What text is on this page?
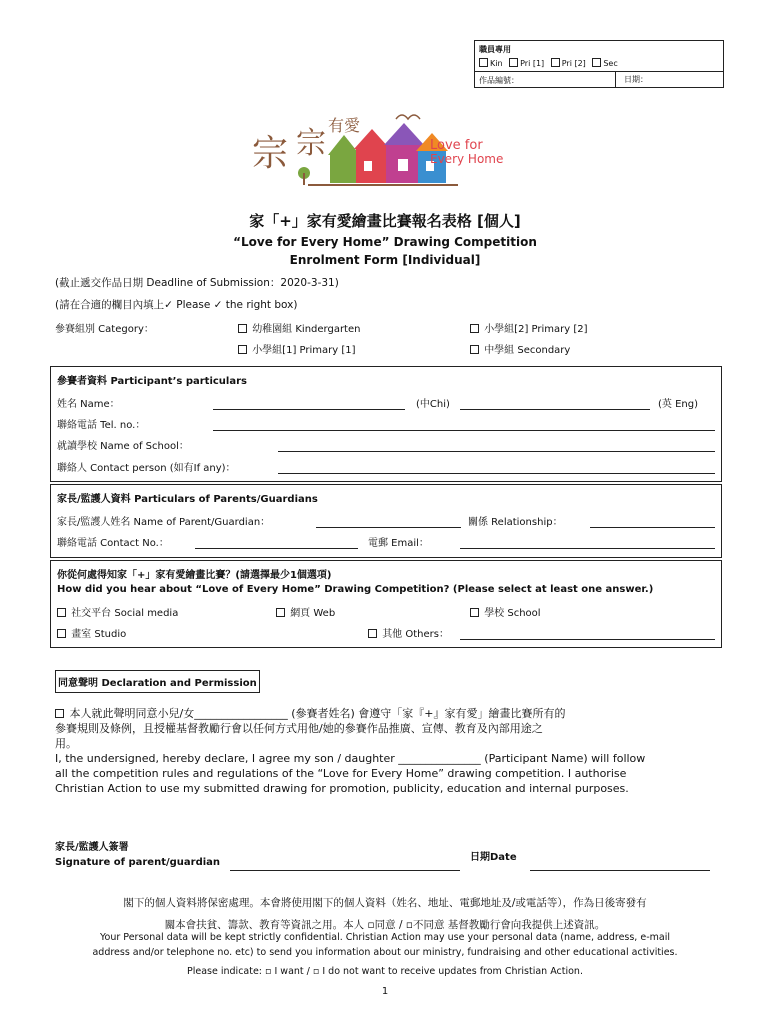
職員專用
Kin Pri [1] Pri [2] Sec
作品編號：	日期：
宗 宗
有愛
Love for
Every Home
家「+」家有愛繪畫比賽報名表格 [個人]
“Love for Every Home” Drawing Competition
Enrolment Form [Individual]
(截止遞交作品日期 Deadline of Submission：2020-3-31)
(請在合適的欄目內填上✓ Please ✓ the right box)
參賽組別 Category：	幼稚園組 Kindergarten	小學組[2] Primary [2]
小學組[1] Primary [1]	中學組 Secondary
參賽者資料 Participant’s particulars
姓名 Name：	(中Chi)	(英 Eng)
聯絡電話 Tel. no.：
就讀學校 Name of School：
聯絡人 Contact person (如有If any)：
家長/監護人資料 Particulars of Parents/Guardians
家長/監護人姓名 Name of Parent/Guardian：	關係 Relationship：
聯絡電話 Contact No.：	電郵 Email：
你從何處得知家「+」家有愛繪畫比賽？(請選擇最少1個選項)
How did you hear about “Love of Every Home” Drawing Competition? (Please select at least one answer.)
社交平台 Social media	網頁 Web	學校 School
畫室 Studio	其他 Others：
同意聲明 Declaration and Permission
本人就此聲明同意小兒/女_________________ (參賽者姓名) 會遵守「家『+』家有愛」繪畫比賽所有的
參賽規則及條例，且授權基督教勵行會以任何方式用他/她的參賽作品推廣、宣傳、教育及內部用途之
用。
I, the undersigned, hereby declare, I agree my son / daughter _______________ (Participant Name) will follow
all the competition rules and regulations of the “Love for Every Home” drawing competition. I authorise
Christian Action to use my submitted drawing for promotion, publicity, education and internal purposes.
家長/監護人簽署
Signature of parent/guardian	日期Date
閣下的個人資料將保密處理。本會將使用閣下的個人資料（姓名、地址、電郵地址及/或電話等），作為日後寄發有
關本會扶貧、籌款、教育等資訊之用。本人 ▫同意 / ▫不同意 基督教勵行會向我提供上述資訊。
Your Personal data will be kept strictly confidential. Christian Action may use your personal data (name, address, e-mail
address and/or telephone no. etc) to send you information about our ministry, fundraising and other educational activities.
Please indicate: ▫ I want / ▫ I do not want to receive updates from Christian Action.
1
